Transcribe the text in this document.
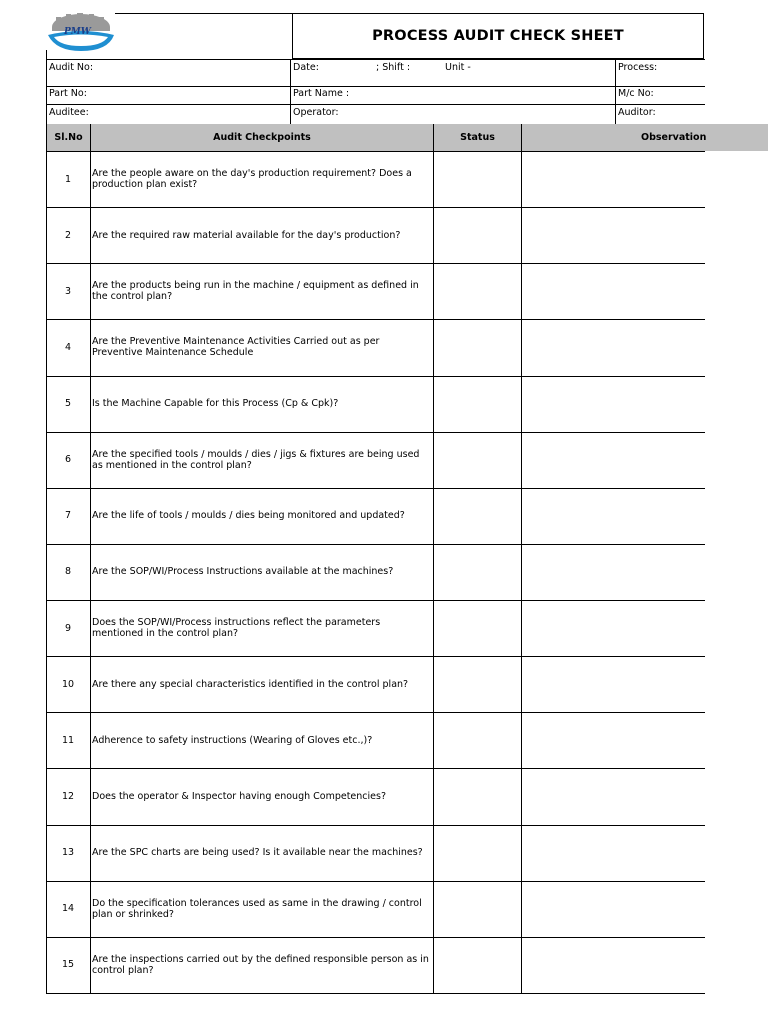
PMW	PROCESS AUDIT CHECK SHEET
Audit No:	Date:	; Shift :	Unit -	Process:
Part No:	Part Name :	M/c No:
Auditee:	Operator:	Auditor:
Sl.No	Audit Checkpoints	Status	Observation
1	Are the people aware on the day's production requirement? Does a production plan exist?
2	Are the required raw material available for the day's production?
3	Are the products being run in the machine / equipment as defined in the control plan?
4	Are the Preventive Maintenance Activities Carried out as per Preventive Maintenance Schedule
5	Is the Machine Capable for this Process (Cp & Cpk)?
6	Are the specified tools / moulds / dies / jigs & fixtures are being used as mentioned in the control plan?
7	Are the life of tools / moulds / dies being monitored and updated?
8	Are the SOP/WI/Process Instructions available at the machines?
9	Does the SOP/WI/Process instructions reflect the parameters mentioned in the control plan?
10	Are there any special characteristics identified in the control plan?
11	Adherence to safety instructions (Wearing of Gloves etc.,)?
12	Does the operator & Inspector having enough Competencies?
13	Are the SPC charts are being used? Is it available near the machines?
14	Do the specification tolerances used as same in the drawing / control plan or shrinked?
15	Are the inspections carried out by the defined responsible person as in control plan?
